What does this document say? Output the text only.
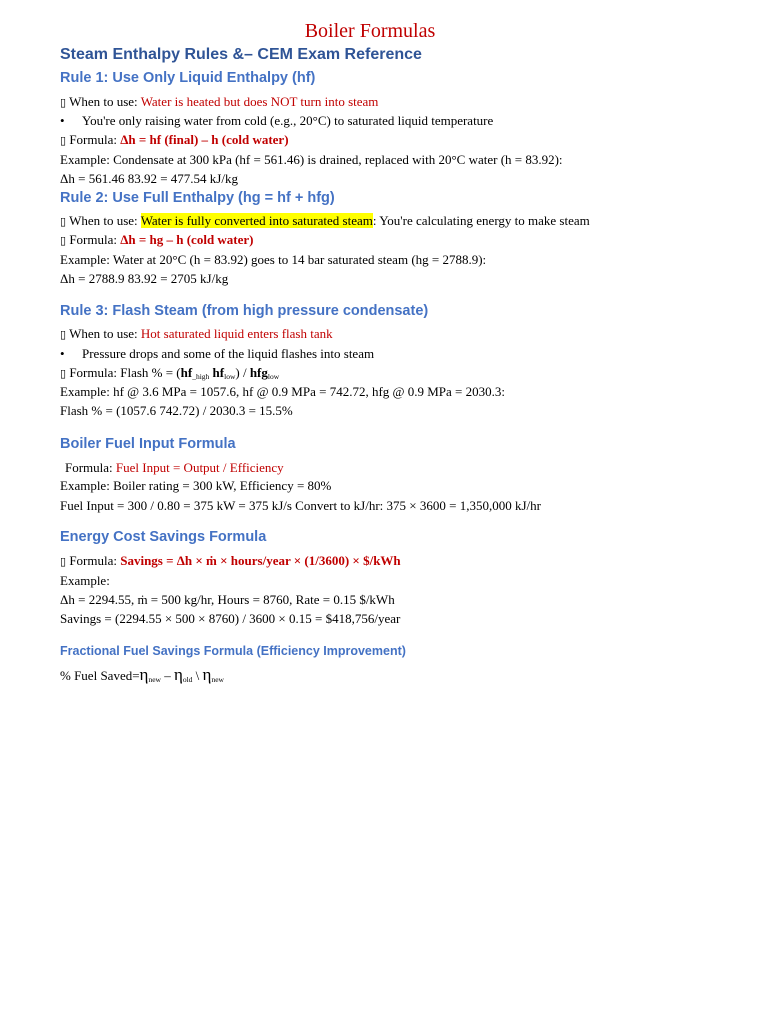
Boiler Formulas
Steam Enthalpy Rules &– CEM Exam Reference
Rule 1: Use Only Liquid Enthalpy (hf)
▯ When to use: Water is heated but does NOT turn into steam
•	You're only raising water from cold (e.g., 20°C) to saturated liquid temperature
▯ Formula: Δh = hf (final) – h (cold water)
Example: Condensate at 300 kPa (hf = 561.46) is drained, replaced with 20°C water (h = 83.92):
Δh = 561.46 83.92 = 477.54 kJ/kg
Rule 2: Use Full Enthalpy (hg = hf + hfg)
▯ When to use: Water is fully converted into saturated steam: You're calculating energy to make steam
▯ Formula: Δh = hg – h (cold water)
Example: Water at 20°C (h = 83.92) goes to 14 bar saturated steam (hg = 2788.9):
Δh = 2788.9 83.92 = 2705 kJ/kg
Rule 3: Flash Steam (from high pressure condensate)
▯ When to use: Hot saturated liquid enters flash tank
•	Pressure drops and some of the liquid flashes into steam
▯ Formula: Flash % = ($hf_{\_high}$ $hf_{low}) / hfg_{low}$
Example: hf @ 3.6 MPa = 1057.6, hf @ 0.9 MPa = 742.72, hfg @ 0.9 MPa = 2030.3:
Flash % = (1057.6 742.72) / 2030.3 = 15.5%
Boiler Fuel Input Formula
Formula: Fuel Input = Output / Efficiency
Example: Boiler rating = 300 kW, Efficiency = 80%
Fuel Input = 300 / 0.80 = 375 kW = 375 kJ/s Convert to kJ/hr: 375 × 3600 = 1,350,000 kJ/hr
Energy Cost Savings Formula
▯ Formula: Savings = Δh × ṁ × hours/year × (1/3600) × $/kWh
Example:
Δh = 2294.55, ṁ = 500 kg/hr, Hours = 8760, Rate = 0.15 $/kWh
Savings = (2294.55 × 500 × 8760) / 3600 × 0.15 = $418,756/year
Fractional Fuel Savings Formula (Efficiency Improvement)
% Fuel $Saved=\eta_{new} - \eta_{old}$ \ $\eta_{new}$
